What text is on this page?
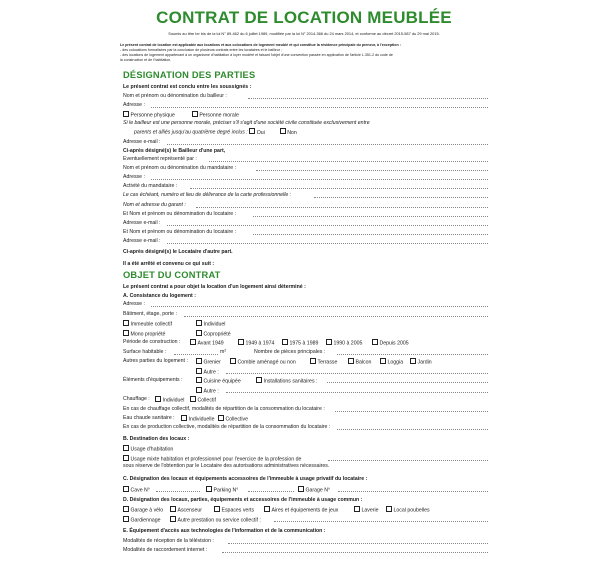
CONTRAT DE LOCATION MEUBLÉE
Soumis au titre Ier bis de la loi N° 89-462 du 6 juillet 1989, modifiée par la loi N° 2014-366 du 24 mars 2014, et conforme au décret 2015-587 du 29 mai 2015.
Le présent contrat de location est applicable aux locations et aux colocations de logement meublé et qui constitue la résidence principale du preneur, à l'exception :
- des colocations formalisées par la conclusion de plusieurs contrats entre les locataires et le bailleur ;
- des locations de logement appartenant à un organisme d'habitation à loyer modéré et faisant l'objet d'une convention passée en application de l'article L.351-2 du code de
la construction et de l'habitation.
DÉSIGNATION DES PARTIES
Le présent contrat est conclu entre les soussignés :
Nom et prénom ou dénomination du bailleur :
Adresse :
Personne physique	Personne morale
Si le bailleur est une personne morale, préciser s'il s'agit d'une société civile constituée exclusivement entre
parents et alliés jusqu'au quatrième degré inclus : Oui	Non
Adresse e-mail :
Ci-après désigné(s) le Bailleur d'une part,
Eventuellement représenté par :
Nom et prénom ou dénomination du mandataire :
Adresse :
Activité du mandataire :
Le cas échéant, numéro et lieu de délivrance de la carte professionnelle :
Nom et adresse du garant :
Et Nom et prénom ou dénomination du locataire :
Adresse e-mail :
Et Nom et prénom ou dénomination du locataire :
Adresse e-mail :
Ci-après désigné(s) le Locataire d'autre part.
Il a été arrêté et convenu ce qui suit :
OBJET DU CONTRAT
Le présent contrat a pour objet la location d'un logement ainsi déterminé :
A. Consistance du logement :
Adresse :
Bâtiment, étage, porte :
Immeuble collectif	Individuel
Mono propriété	Copropriété
Période de construction :	Avant 1949	1949 à 1974	1975 à 1989	1990 à 2005	Depuis 2005
Surface habitable :	m²	Nombre de pièces principales :
Autres parties du logement :	Grenier	Comble aménagé ou non	Terrasse	Balcon	Loggia	Jardin
Autre :
Éléments d'équipements :	Cuisine équipée	Installations sanitaires :
Autre :
Chauffage :	Individuel	Collectif
En cas de chauffage collectif, modalités de répartition de la consommation du locataire :
Eau chaude sanitaire :	Individuelle	Collective
En cas de production collective, modalités de répartition de la consommation du locataire :
B. Destination des locaux :
Usage d'habitation
Usage mixte habitation et professionnel pour l'exercice de la profession de
sous réserve de l'obtention par le Locataire des autorisations administratives nécessaires.
C. Désignation des locaux et équipements accessoires de l'immeuble à usage privatif du locataire :
Cave N°	Parking N°	Garage N°
D. Désignation des locaux, parties, équipements et accessoires de l'immeuble à usage commun :
Garage à vélo	Ascenseur	Espaces verts	Aires et équipements de jeux	Laverie	Local poubelles
Gardiennage	Autre prestation ou service collectif :
E. Équipement d'accès aux technologies de l'information et de la communication :
Modalités de réception de la télévision :
Modalités de raccordement internet :
